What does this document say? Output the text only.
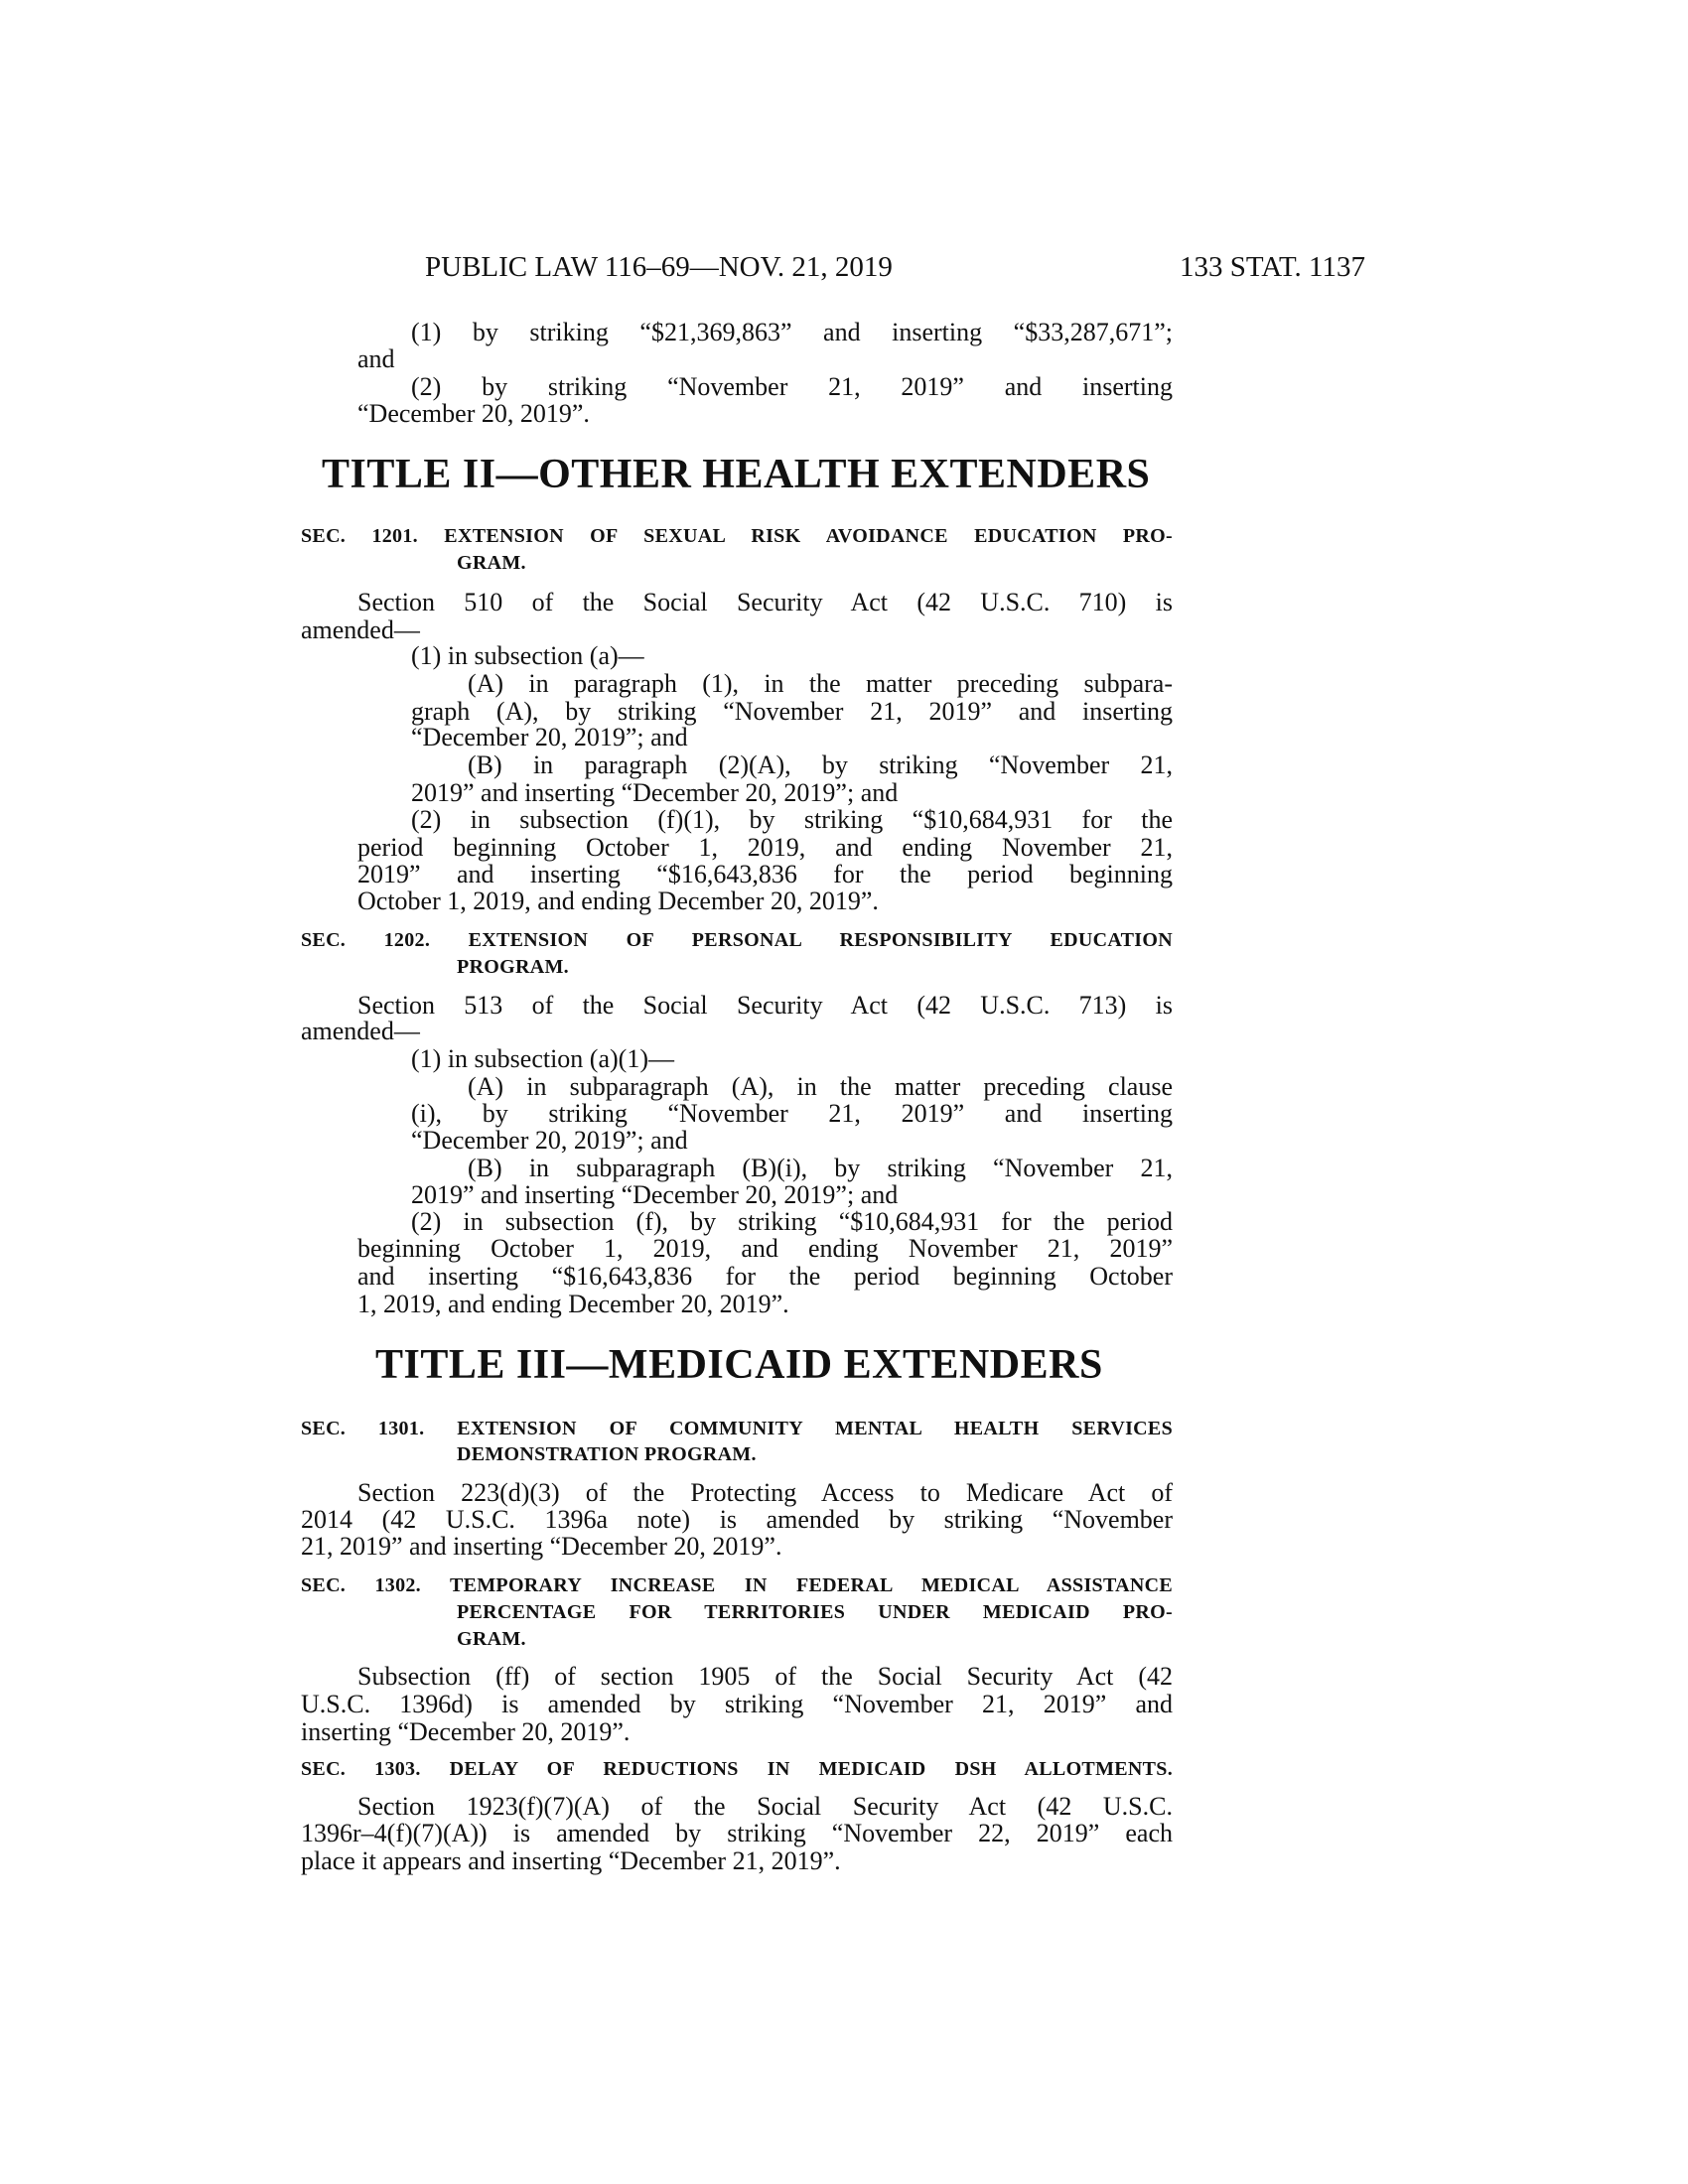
PUBLIC LAW 116–69—NOV. 21, 2019	133 STAT. 1137
(1) by striking “$21,369,863” and inserting “$33,287,671”;
and
(2) by striking “November 21, 2019” and inserting
“December 20, 2019”.
TITLE II—OTHER HEALTH EXTENDERS
SEC. 1201. EXTENSION OF SEXUAL RISK AVOIDANCE EDUCATION PRO-
GRAM.
Section 510 of the Social Security Act (42 U.S.C. 710) is
amended—
(1) in subsection (a)—
(A) in paragraph (1), in the matter preceding subpara-
graph (A), by striking “November 21, 2019” and inserting
“December 20, 2019”; and
(B) in paragraph (2)(A), by striking “November 21,
2019” and inserting “December 20, 2019”; and
(2) in subsection (f)(1), by striking “$10,684,931 for the
period beginning October 1, 2019, and ending November 21,
2019” and inserting “$16,643,836 for the period beginning
October 1, 2019, and ending December 20, 2019”.
SEC. 1202. EXTENSION OF PERSONAL RESPONSIBILITY EDUCATION
PROGRAM.
Section 513 of the Social Security Act (42 U.S.C. 713) is
amended—
(1) in subsection (a)(1)—
(A) in subparagraph (A), in the matter preceding clause
(i), by striking “November 21, 2019” and inserting
“December 20, 2019”; and
(B) in subparagraph (B)(i), by striking “November 21,
2019” and inserting “December 20, 2019”; and
(2) in subsection (f), by striking “$10,684,931 for the period
beginning October 1, 2019, and ending November 21, 2019”
and inserting “$16,643,836 for the period beginning October
1, 2019, and ending December 20, 2019”.
TITLE III—MEDICAID EXTENDERS
SEC. 1301. EXTENSION OF COMMUNITY MENTAL HEALTH SERVICES
DEMONSTRATION PROGRAM.
Section 223(d)(3) of the Protecting Access to Medicare Act of
2014 (42 U.S.C. 1396a note) is amended by striking “November
21, 2019” and inserting “December 20, 2019”.
SEC. 1302. TEMPORARY INCREASE IN FEDERAL MEDICAL ASSISTANCE
PERCENTAGE FOR TERRITORIES UNDER MEDICAID PRO-
GRAM.
Subsection (ff) of section 1905 of the Social Security Act (42
U.S.C. 1396d) is amended by striking “November 21, 2019” and
inserting “December 20, 2019”.
SEC. 1303. DELAY OF REDUCTIONS IN MEDICAID DSH ALLOTMENTS.
Section 1923(f)(7)(A) of the Social Security Act (42 U.S.C.
1396r–4(f)(7)(A)) is amended by striking “November 22, 2019” each
place it appears and inserting “December 21, 2019”.
